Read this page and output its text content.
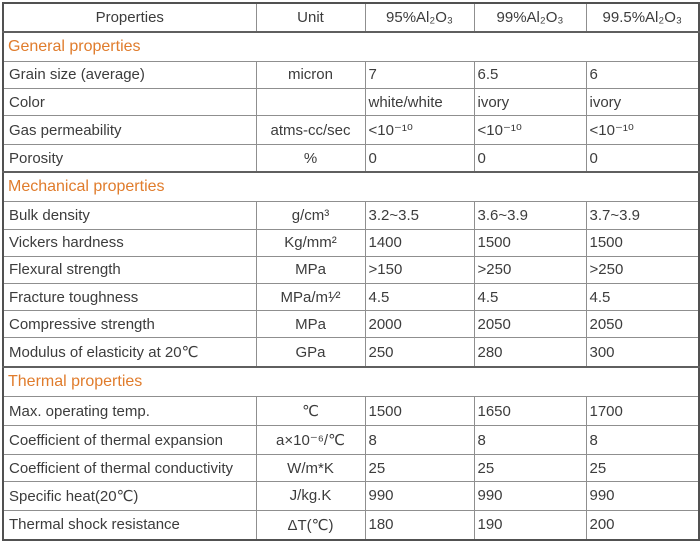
Properties	Unit	95%Al₂O₃	99%Al₂O₃	99.5%Al₂O₃
General properties				
Grain size (average)	micron	7	6.5	6
Color		white/white	ivory	ivory
Gas permeability	atms-cc/sec	<10⁻¹⁰	<10⁻¹⁰	<10⁻¹⁰
Porosity	%	0	0	0
Mechanical properties				
Bulk density	g/cm³	3.2~3.5	3.6~3.9	3.7~3.9
Vickers hardness	Kg/mm²	1400	1500	1500
Flexural strength	MPa	>150	>250	>250
Fracture toughness	MPa/m¹⁄²	4.5	4.5	4.5
Compressive strength	MPa	2000	2050	2050
Modulus of elasticity at 20℃	GPa	250	280	300
Thermal properties				
Max. operating temp.	℃	1500	1650	1700
Coefficient of thermal expansion	a×10⁻⁶/℃	8	8	8
Coefficient of thermal conductivity	W/m*K	25	25	25
Specific heat(20℃)	J/kg.K	990	990	990
Thermal shock resistance	ΔT(℃)	180	190	200
